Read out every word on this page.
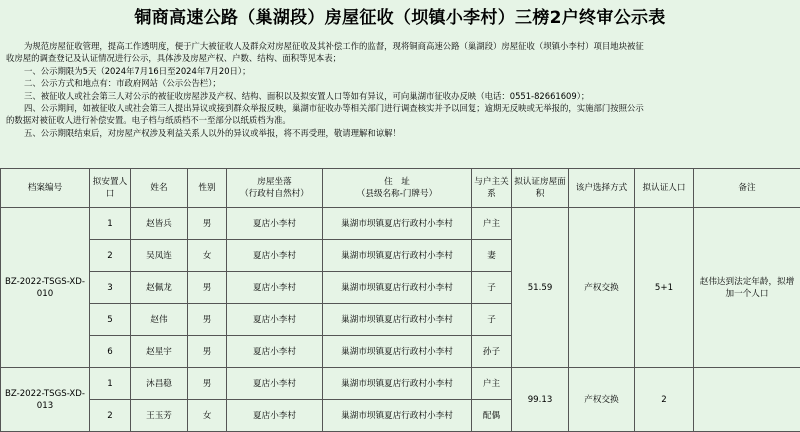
铜商高速公路（巢湖段）房屋征收（坝镇小李村）三榜2户终审公示表

为规范房屋征收管理，提高工作透明度，便于广大被征收人及群众对房屋征收及其补偿工作的监督，现将铜商高速公路（巢湖段）房屋征收（坝镇小李村）项目地块被征

收房屋的调查登记及认证情况进行公示，具体涉及房屋产权、户数、结构、面积等见本表；

一、公示期限为5天（2024年7月16日至2024年7月20日）；

二、公示方式和地点有：市政府网站（公示公告栏）；

三、被征收人或社会第三人对公示的被征收房屋涉及产权、结构、面积以及拟安置人口等如有异议，可向巢湖市征收办反映（电话：0551-82661609）；

四、公示期间，如被征收人或社会第三人提出异议或接到群众举报反映，巢湖市征收办等相关部门进行调查核实并予以回复；逾期无反映或无举报的，实施部门按照公示

的数据对被征收人进行补偿安置。电子档与纸质档不一至部分以纸质档为准。

五、公示期限结束后，对房屋产权涉及利益关系人以外的异议或举报，将不再受理，敬请理解和谅解！

档案编号	拟安置人口	姓名	性别	房屋坐落
（行政村自然村）	住　址
（县级名称-门牌号）	与户主关系	拟认证房屋面积	该户选择方式	拟认证人口	备注
BZ-2022-TSGS-XD-010	1	赵皆兵	男	夏店小李村	巢湖市坝镇夏店行政村小李村	户主	51.59	产权交换	5+1	赵伟达到法定年龄，拟增加一个人口
	2	吴凤连	女	夏店小李村	巢湖市坝镇夏店行政村小李村	妻				
	3	赵佩龙	男	夏店小李村	巢湖市坝镇夏店行政村小李村	子				
	5	赵伟	男	夏店小李村	巢湖市坝镇夏店行政村小李村	子				
	6	赵星宇	男	夏店小李村	巢湖市坝镇夏店行政村小李村	孙子				
BZ-2022-TSGS-XD-013	1	沐昌稳	男	夏店小李村	巢湖市坝镇夏店行政村小李村	户主	99.13	产权交换	2	
	2	王玉芳	女	夏店小李村	巢湖市坝镇夏店行政村小李村	配偶				
